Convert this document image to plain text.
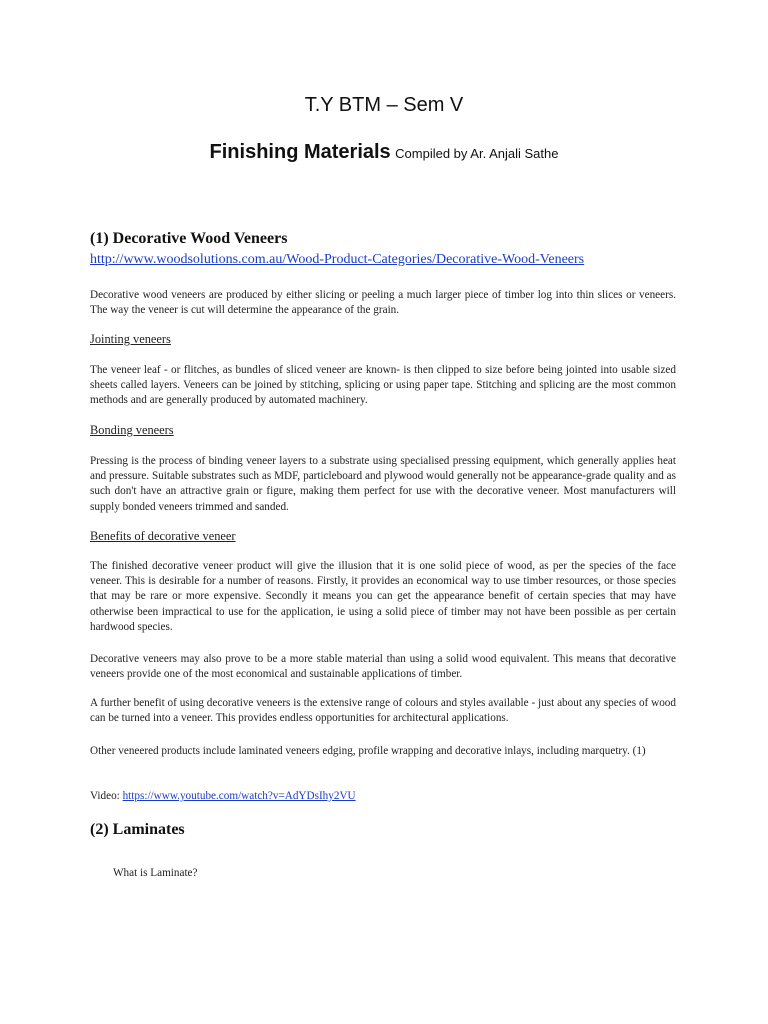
T.Y BTM – Sem V
Finishing Materials Compiled by Ar. Anjali Sathe
(1) Decorative Wood Veneers
http://www.woodsolutions.com.au/Wood-Product-Categories/Decorative-Wood-Veneers
Decorative wood veneers are produced by either slicing or peeling a much larger piece of timber log into thin slices or veneers. The way the veneer is cut will determine the appearance of the grain.
Jointing veneers
The veneer leaf - or flitches, as bundles of sliced veneer are known- is then clipped to size before being jointed into usable sized sheets called layers. Veneers can be joined by stitching, splicing or using paper tape. Stitching and splicing are the most common methods and are generally produced by automated machinery.
Bonding veneers
Pressing is the process of binding veneer layers to a substrate using specialised pressing equipment, which generally applies heat and pressure. Suitable substrates such as MDF, particleboard and plywood would generally not be appearance-grade quality and as such don't have an attractive grain or figure, making them perfect for use with the decorative veneer. Most manufacturers will supply bonded veneers trimmed and sanded.
Benefits of decorative veneer
The finished decorative veneer product will give the illusion that it is one solid piece of wood, as per the species of the face veneer. This is desirable for a number of reasons. Firstly, it provides an economical way to use timber resources, or those species that may be rare or more expensive. Secondly it means you can get the appearance benefit of certain species that may have otherwise been impractical to use for the application, ie using a solid piece of timber may not have been possible as per certain hardwood species.
Decorative veneers may also prove to be a more stable material than using a solid wood equivalent. This means that decorative veneers provide one of the most economical and sustainable applications of timber.
A further benefit of using decorative veneers is the extensive range of colours and styles available - just about any species of wood can be turned into a veneer. This provides endless opportunities for architectural applications.
Other veneered products include laminated veneers edging, profile wrapping and decorative inlays, including marquetry. (1)
Video: https://www.youtube.com/watch?v=AdYDsIhy2VU
(2) Laminates
What is Laminate?
